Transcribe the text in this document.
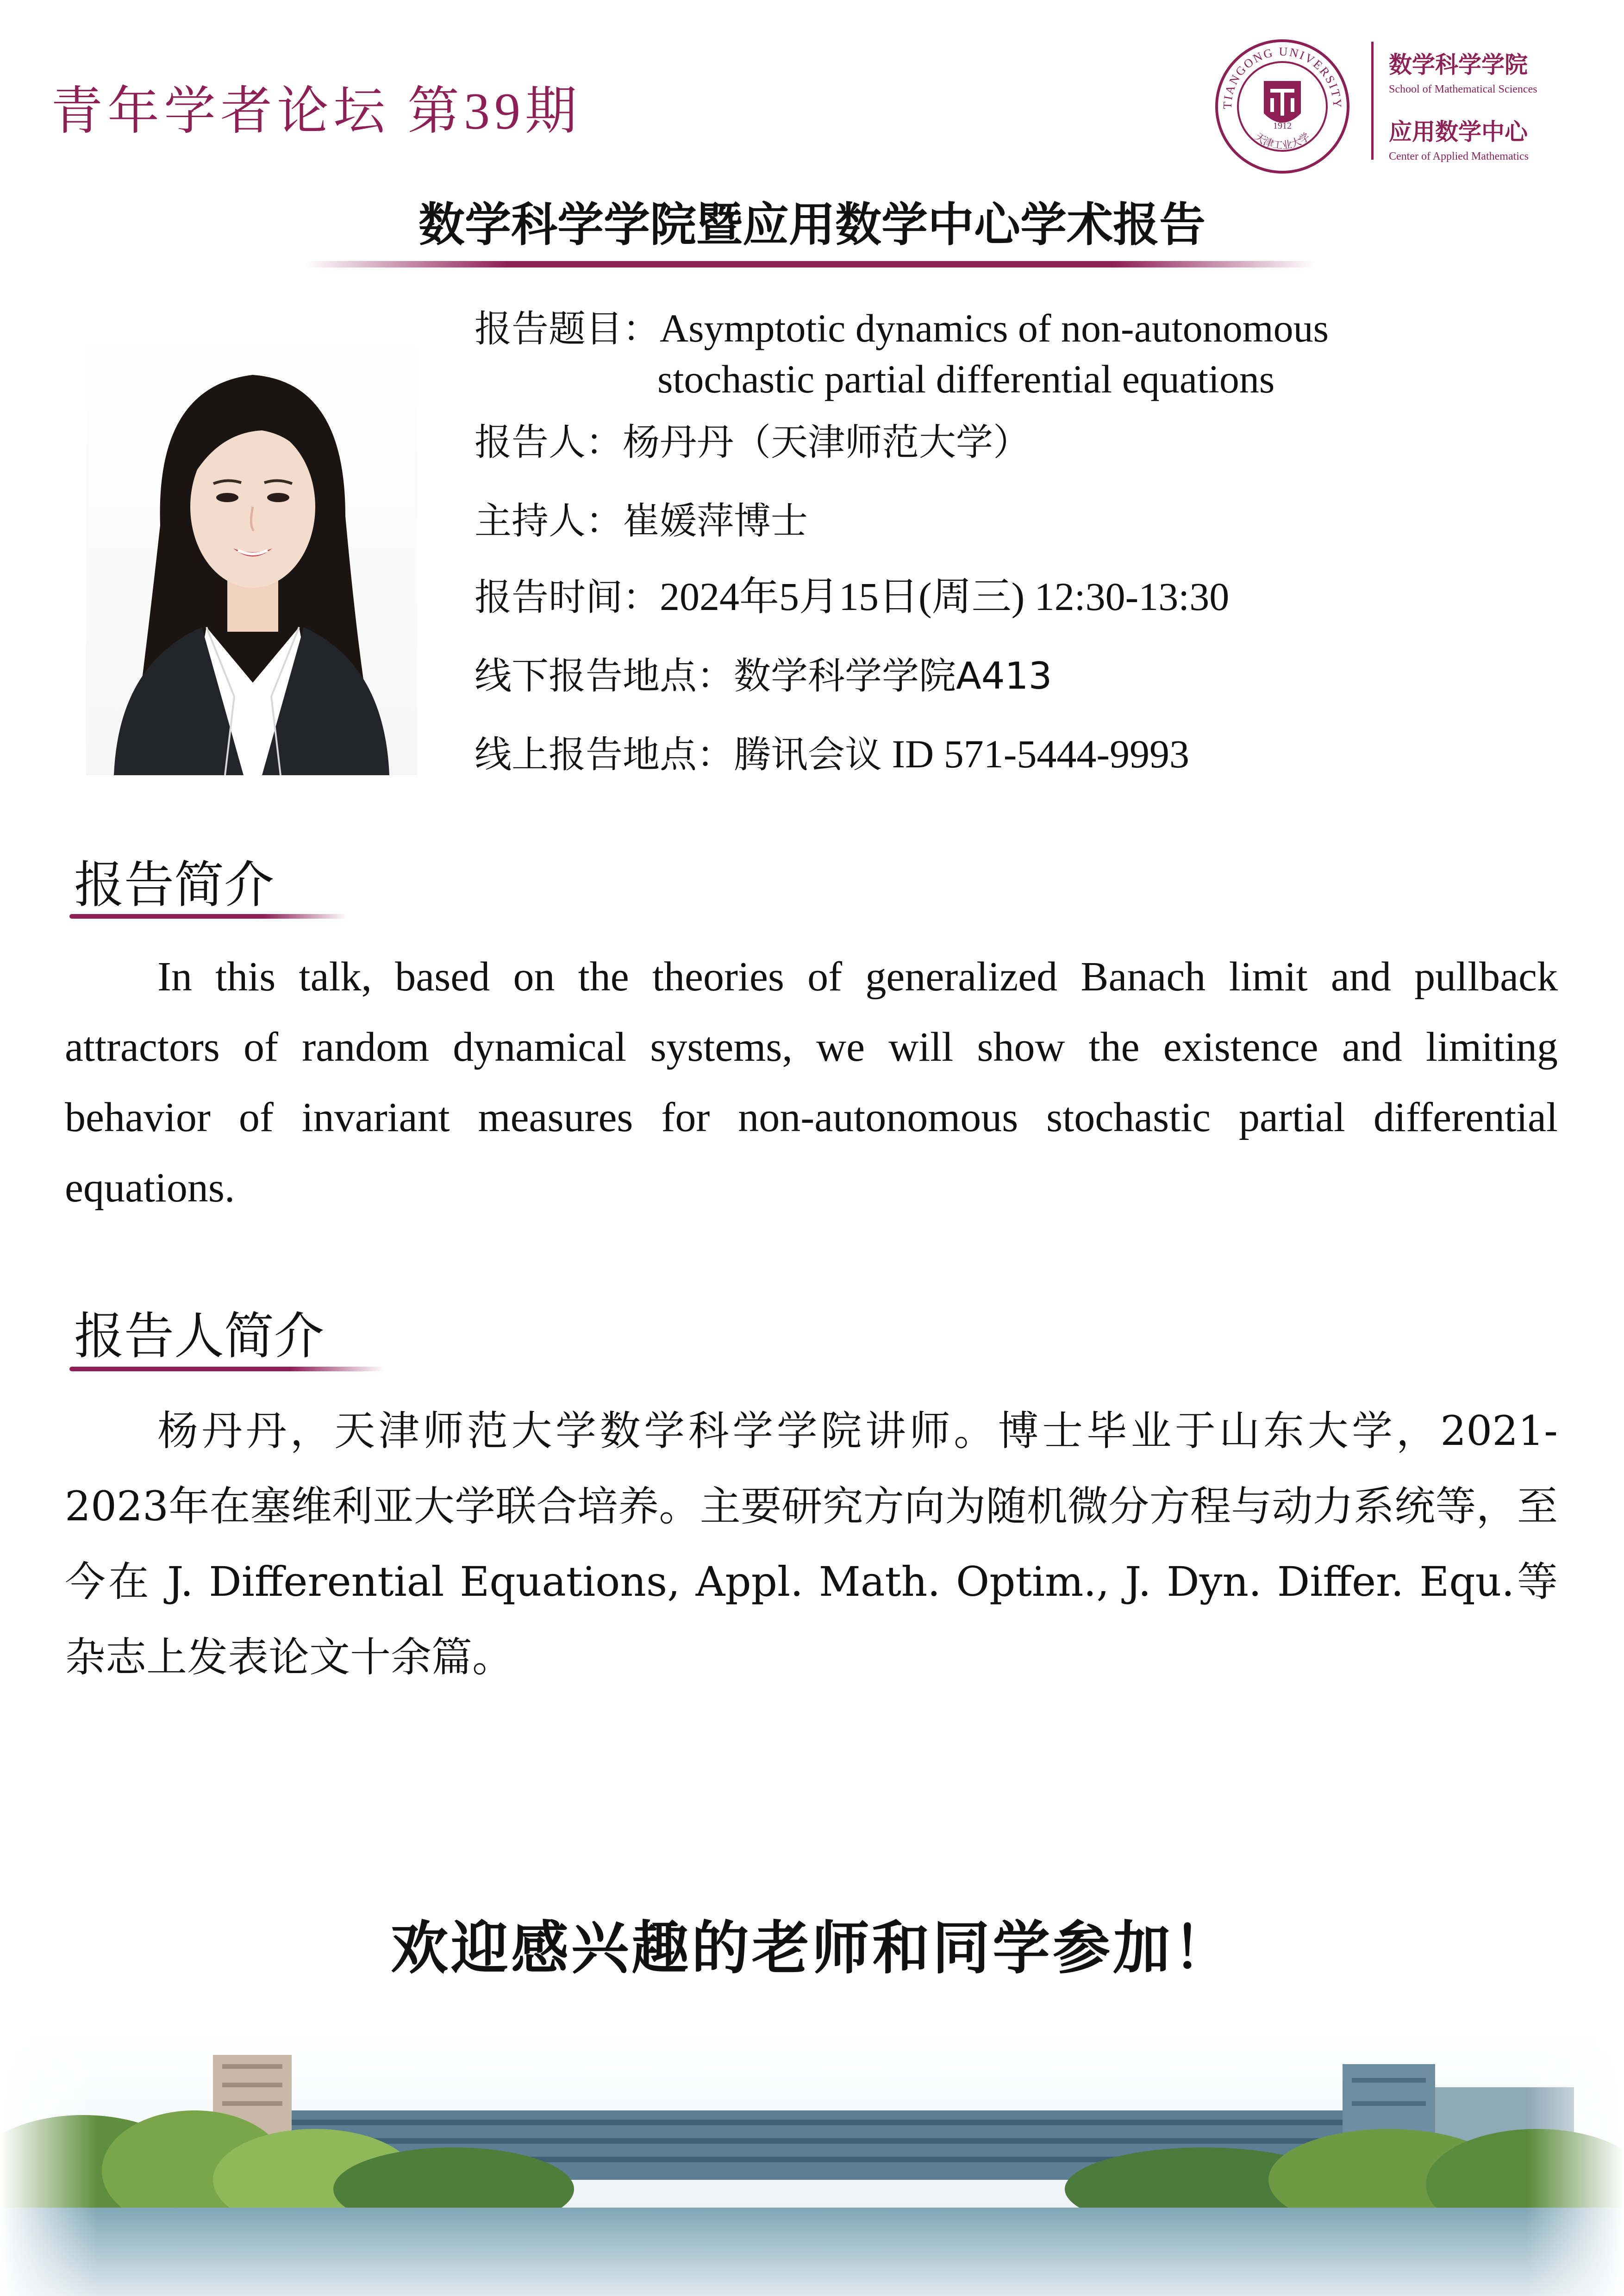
青年学者论坛 第39期	TIANGONG UNIVERSITY
天津工业大学
1912
数学科学学院
School of Mathematical Sciences
应用数学中心
Center of Applied Mathematics
数学科学学院暨应用数学中心学术报告
报告题目：Asymptotic dynamics of non-autonomous
stochastic partial differential equations
报告人：杨丹丹（天津师范大学）
主持人：崔媛萍博士
报告时间：2024年5月15日(周三) 12:30-13:30
线下报告地点：数学科学学院A413
线上报告地点：腾讯会议 ID 571-5444-9993
报告简介
In this talk, based on the theories of generalized Banach limit and pullback attractors of random dynamical systems, we will show the existence and limiting behavior of invariant measures for non-autonomous stochastic partial differential equations.
报告人简介
杨丹丹，天津师范大学数学科学学院讲师。博士毕业于山东大学，2021-2023年在塞维利亚大学联合培养。主要研究方向为随机微分方程与动力系统等，至今在 J. Differential Equations, Appl. Math. Optim., J. Dyn. Differ. Equ.等杂志上发表论文十余篇。
欢迎感兴趣的老师和同学参加！
